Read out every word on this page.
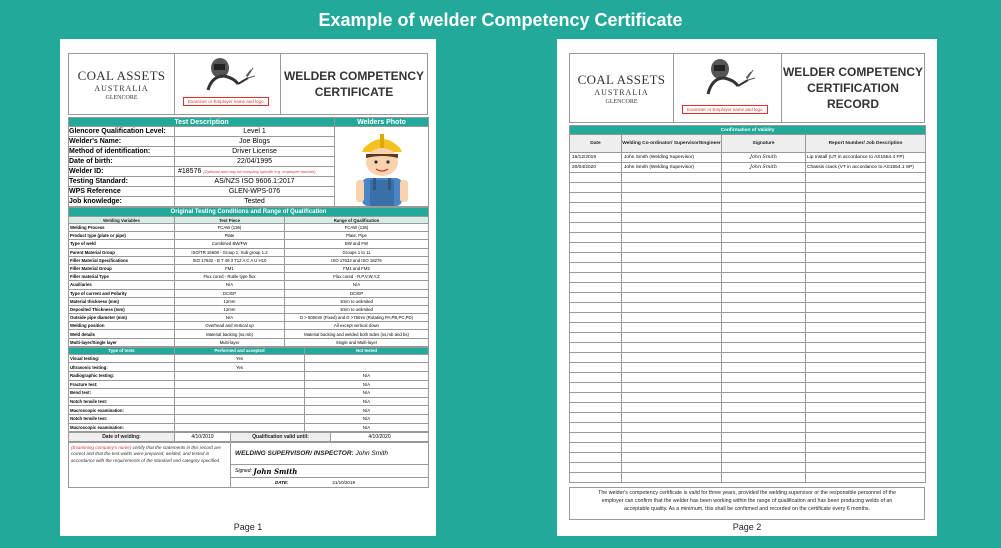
Example of welder Competency Certificate
COAL ASSETS
AUSTRALIA
GLENCORE
Examiner or Employer name and logo
WELDER COMPETENCY
CERTIFICATE
Test Description		Welders Photo
Glencore Qualification Level:	Level 1	

Welder's Name:	Joe Blogs	
Method of identification:	Driver License	
Date of birth:	22/04/1995	
Welder ID:	#18576 (Optional and may be company specific e.g. employee number)	
Testing Standard:	AS/NZS ISO 9606.1:2017	
WPS Reference	GLEN-WPS-076	
Job knowledge:	Tested	
Original Testing Conditions and Range of Qualification		
Welding Variables	Test Piece	Range of Qualification
Welding Process	FCAW (136)	FCAW (136)
Product type (plate or pipe)	Plate	Plate, Pipe
Type of weld	Combined BW/FW	BW and FW
Parent Material Group	ISO/TR 15608 - Group 1, Sub group 1.2	Groups 1 to 11
Filler Material Specifications	ISO 17632 - B T 49 3 T12 A C A U H10	ISO 17632 and ISO 18276
Filler Material Group	FM1	FM1 and FM2
Filler material Type	Flux cored - Rutile type flux	Flux cored - R,P,V,W,Y,Z
Auxiliaries	N/A	N/A
Type of current and Polarity	DC/EP	DC/EP
Material thickness (mm)	12mm	3mm to unlimited
Deposited Thickness (mm)	12mm	3mm to unlimited
Outside pipe diameter (mm)	N/A	D > 500mm (Fixed) and D >75mm (Rotating PA,PB,PC,PD)
Welding position	Overhead and Vertical up	All except vertical down
Weld details	Material backing (ss,mb)	Material backing and welded both sides (ss,mb and bs)
Multi-layer/Single layer	Multi-layer	Single and Multi-layer
Type of tests	Performed and accepted	Not tested
Visual testing:	Yes	
Ultrasonic testing:	Yes	
Radiographic testing:		N/A
Fracture test:		N/A
Bend test:		N/A
Notch tensile test:		N/A
Macroscopic examination:		N/A
Notch tensile test:		N/A
Macroscopic examination:		N/A
Date of welding:	4/10/2019	Qualification valid until:	4/10/2020
(Examining company's name) certify that the statements in this record are correct and that the test welds were prepared, welded, and tested in accordance with the requirements of the standard and category specified.	
WELDING SUPERVISOR/ INSPECTOR:
John Smith
Signed:
John Smith
DATE:	21/10/2019
Page 1
COAL ASSETS
AUSTRALIA
GLENCORE
Examiner or Employer name and logo
WELDER COMPETENCY
CERTIFICATION RECORD
Confirmation of Validity			
Date	Welding Co-ordinator/ Supervisor/Engineer	Signature	Report Number/ Job Description
16/12/2019	John Smith (Welding Supervisor)	John Smith	Lip Install (UT in accordance to AS1554.4 FP)
20/04/2020	John Smith (Welding Supervisor)	John Smith	Chassis crack (VT in accordance to AS1554.1 SP)

The welder's competency certificate is valid for three years, provided the welding supervisor or the responsible personnel of the
employer can confirm that the welder has been working within the range of qualification and has been producing welds of an
acceptable quality. As a minimum, this shall be confirmed and recorded on the certificate every 6 months.
Page 2
